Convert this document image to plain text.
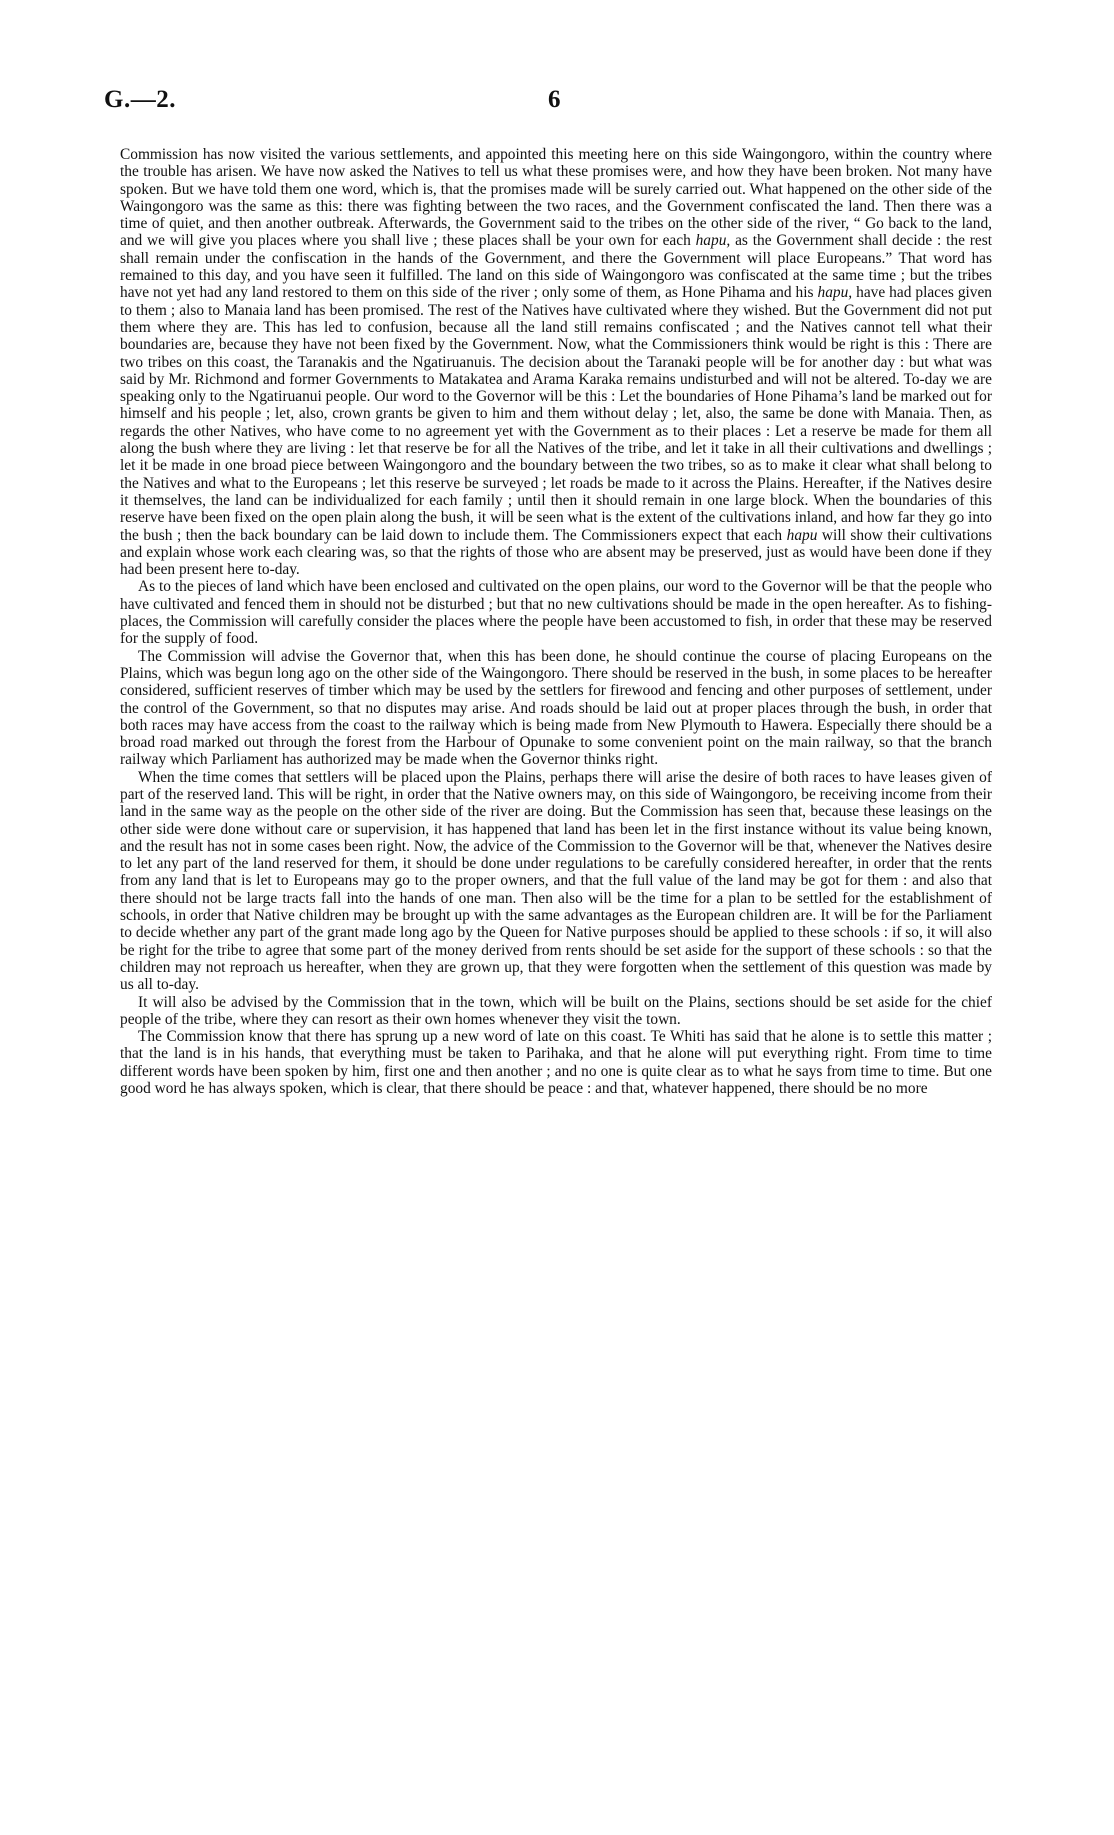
G.—2.	6

Commission has now visited the various settlements, and appointed this meeting here on this side Waingongoro, within the country where the trouble has arisen. We have now asked the Natives to tell us what these promises were, and how they have been broken. Not many have spoken. But we have told them one word, which is, that the promises made will be surely carried out. What happened on the other side of the Waingongoro was the same as this: there was fighting between the two races, and the Government confiscated the land. Then there was a time of quiet, and then another outbreak. Afterwards, the Government said to the tribes on the other side of the river, “ Go back to the land, and we will give you places where you shall live ; these places shall be your own for each hapu, as the Government shall decide : the rest shall remain under the confiscation in the hands of the Government, and there the Government will place Europeans.” That word has remained to this day, and you have seen it fulfilled. The land on this side of Waingongoro was confiscated at the same time ; but the tribes have not yet had any land restored to them on this side of the river ; only some of them, as Hone Pihama and his hapu, have had places given to them ; also to Manaia land has been promised. The rest of the Natives have cultivated where they wished. But the Government did not put them where they are. This has led to confusion, because all the land still remains confiscated ; and the Natives cannot tell what their boundaries are, because they have not been fixed by the Government. Now, what the Commissioners think would be right is this : There are two tribes on this coast, the Taranakis and the Ngatiruanuis. The decision about the Taranaki people will be for another day : but what was said by Mr. Richmond and former Governments to Matakatea and Arama Karaka remains undisturbed and will not be altered. To-day we are speaking only to the Ngatiruanui people. Our word to the Governor will be this : Let the boundaries of Hone Pihama’s land be marked out for himself and his people ; let, also, crown grants be given to him and them without delay ; let, also, the same be done with Manaia. Then, as regards the other Natives, who have come to no agreement yet with the Government as to their places : Let a reserve be made for them all along the bush where they are living : let that reserve be for all the Natives of the tribe, and let it take in all their cultivations and dwellings ; let it be made in one broad piece between Waingongoro and the boundary between the two tribes, so as to make it clear what shall belong to the Natives and what to the Europeans ; let this reserve be surveyed ; let roads be made to it across the Plains. Hereafter, if the Natives desire it themselves, the land can be individualized for each family ; until then it should remain in one large block. When the boundaries of this reserve have been fixed on the open plain along the bush, it will be seen what is the extent of the cultivations inland, and how far they go into the bush ; then the back boundary can be laid down to include them. The Commissioners expect that each hapu will show their cultivations and explain whose work each clearing was, so that the rights of those who are absent may be preserved, just as would have been done if they had been present here to-day.

As to the pieces of land which have been enclosed and cultivated on the open plains, our word to the Governor will be that the people who have cultivated and fenced them in should not be disturbed ; but that no new cultivations should be made in the open hereafter. As to fishing-places, the Commission will carefully consider the places where the people have been accustomed to fish, in order that these may be reserved for the supply of food.

The Commission will advise the Governor that, when this has been done, he should continue the course of placing Europeans on the Plains, which was begun long ago on the other side of the Waingongoro. There should be reserved in the bush, in some places to be hereafter considered, sufficient reserves of timber which may be used by the settlers for firewood and fencing and other purposes of settlement, under the control of the Government, so that no disputes may arise. And roads should be laid out at proper places through the bush, in order that both races may have access from the coast to the railway which is being made from New Plymouth to Hawera. Especially there should be a broad road marked out through the forest from the Harbour of Opunake to some convenient point on the main railway, so that the branch railway which Parliament has authorized may be made when the Governor thinks right.

When the time comes that settlers will be placed upon the Plains, perhaps there will arise the desire of both races to have leases given of part of the reserved land. This will be right, in order that the Native owners may, on this side of Waingongoro, be receiving income from their land in the same way as the people on the other side of the river are doing. But the Commission has seen that, because these leasings on the other side were done without care or supervision, it has happened that land has been let in the first instance without its value being known, and the result has not in some cases been right. Now, the advice of the Commission to the Governor will be that, whenever the Natives desire to let any part of the land reserved for them, it should be done under regulations to be carefully considered hereafter, in order that the rents from any land that is let to Europeans may go to the proper owners, and that the full value of the land may be got for them : and also that there should not be large tracts fall into the hands of one man. Then also will be the time for a plan to be settled for the establishment of schools, in order that Native children may be brought up with the same advantages as the European children are. It will be for the Parliament to decide whether any part of the grant made long ago by the Queen for Native purposes should be applied to these schools : if so, it will also be right for the tribe to agree that some part of the money derived from rents should be set aside for the support of these schools : so that the children may not reproach us hereafter, when they are grown up, that they were forgotten when the settlement of this question was made by us all to-day.

It will also be advised by the Commission that in the town, which will be built on the Plains, sections should be set aside for the chief people of the tribe, where they can resort as their own homes whenever they visit the town.

The Commission know that there has sprung up a new word of late on this coast. Te Whiti has said that he alone is to settle this matter ; that the land is in his hands, that everything must be taken to Parihaka, and that he alone will put everything right. From time to time different words have been spoken by him, first one and then another ; and no one is quite clear as to what he says from time to time. But one good word he has always spoken, which is clear, that there should be peace : and that, whatever happened, there should be no more
